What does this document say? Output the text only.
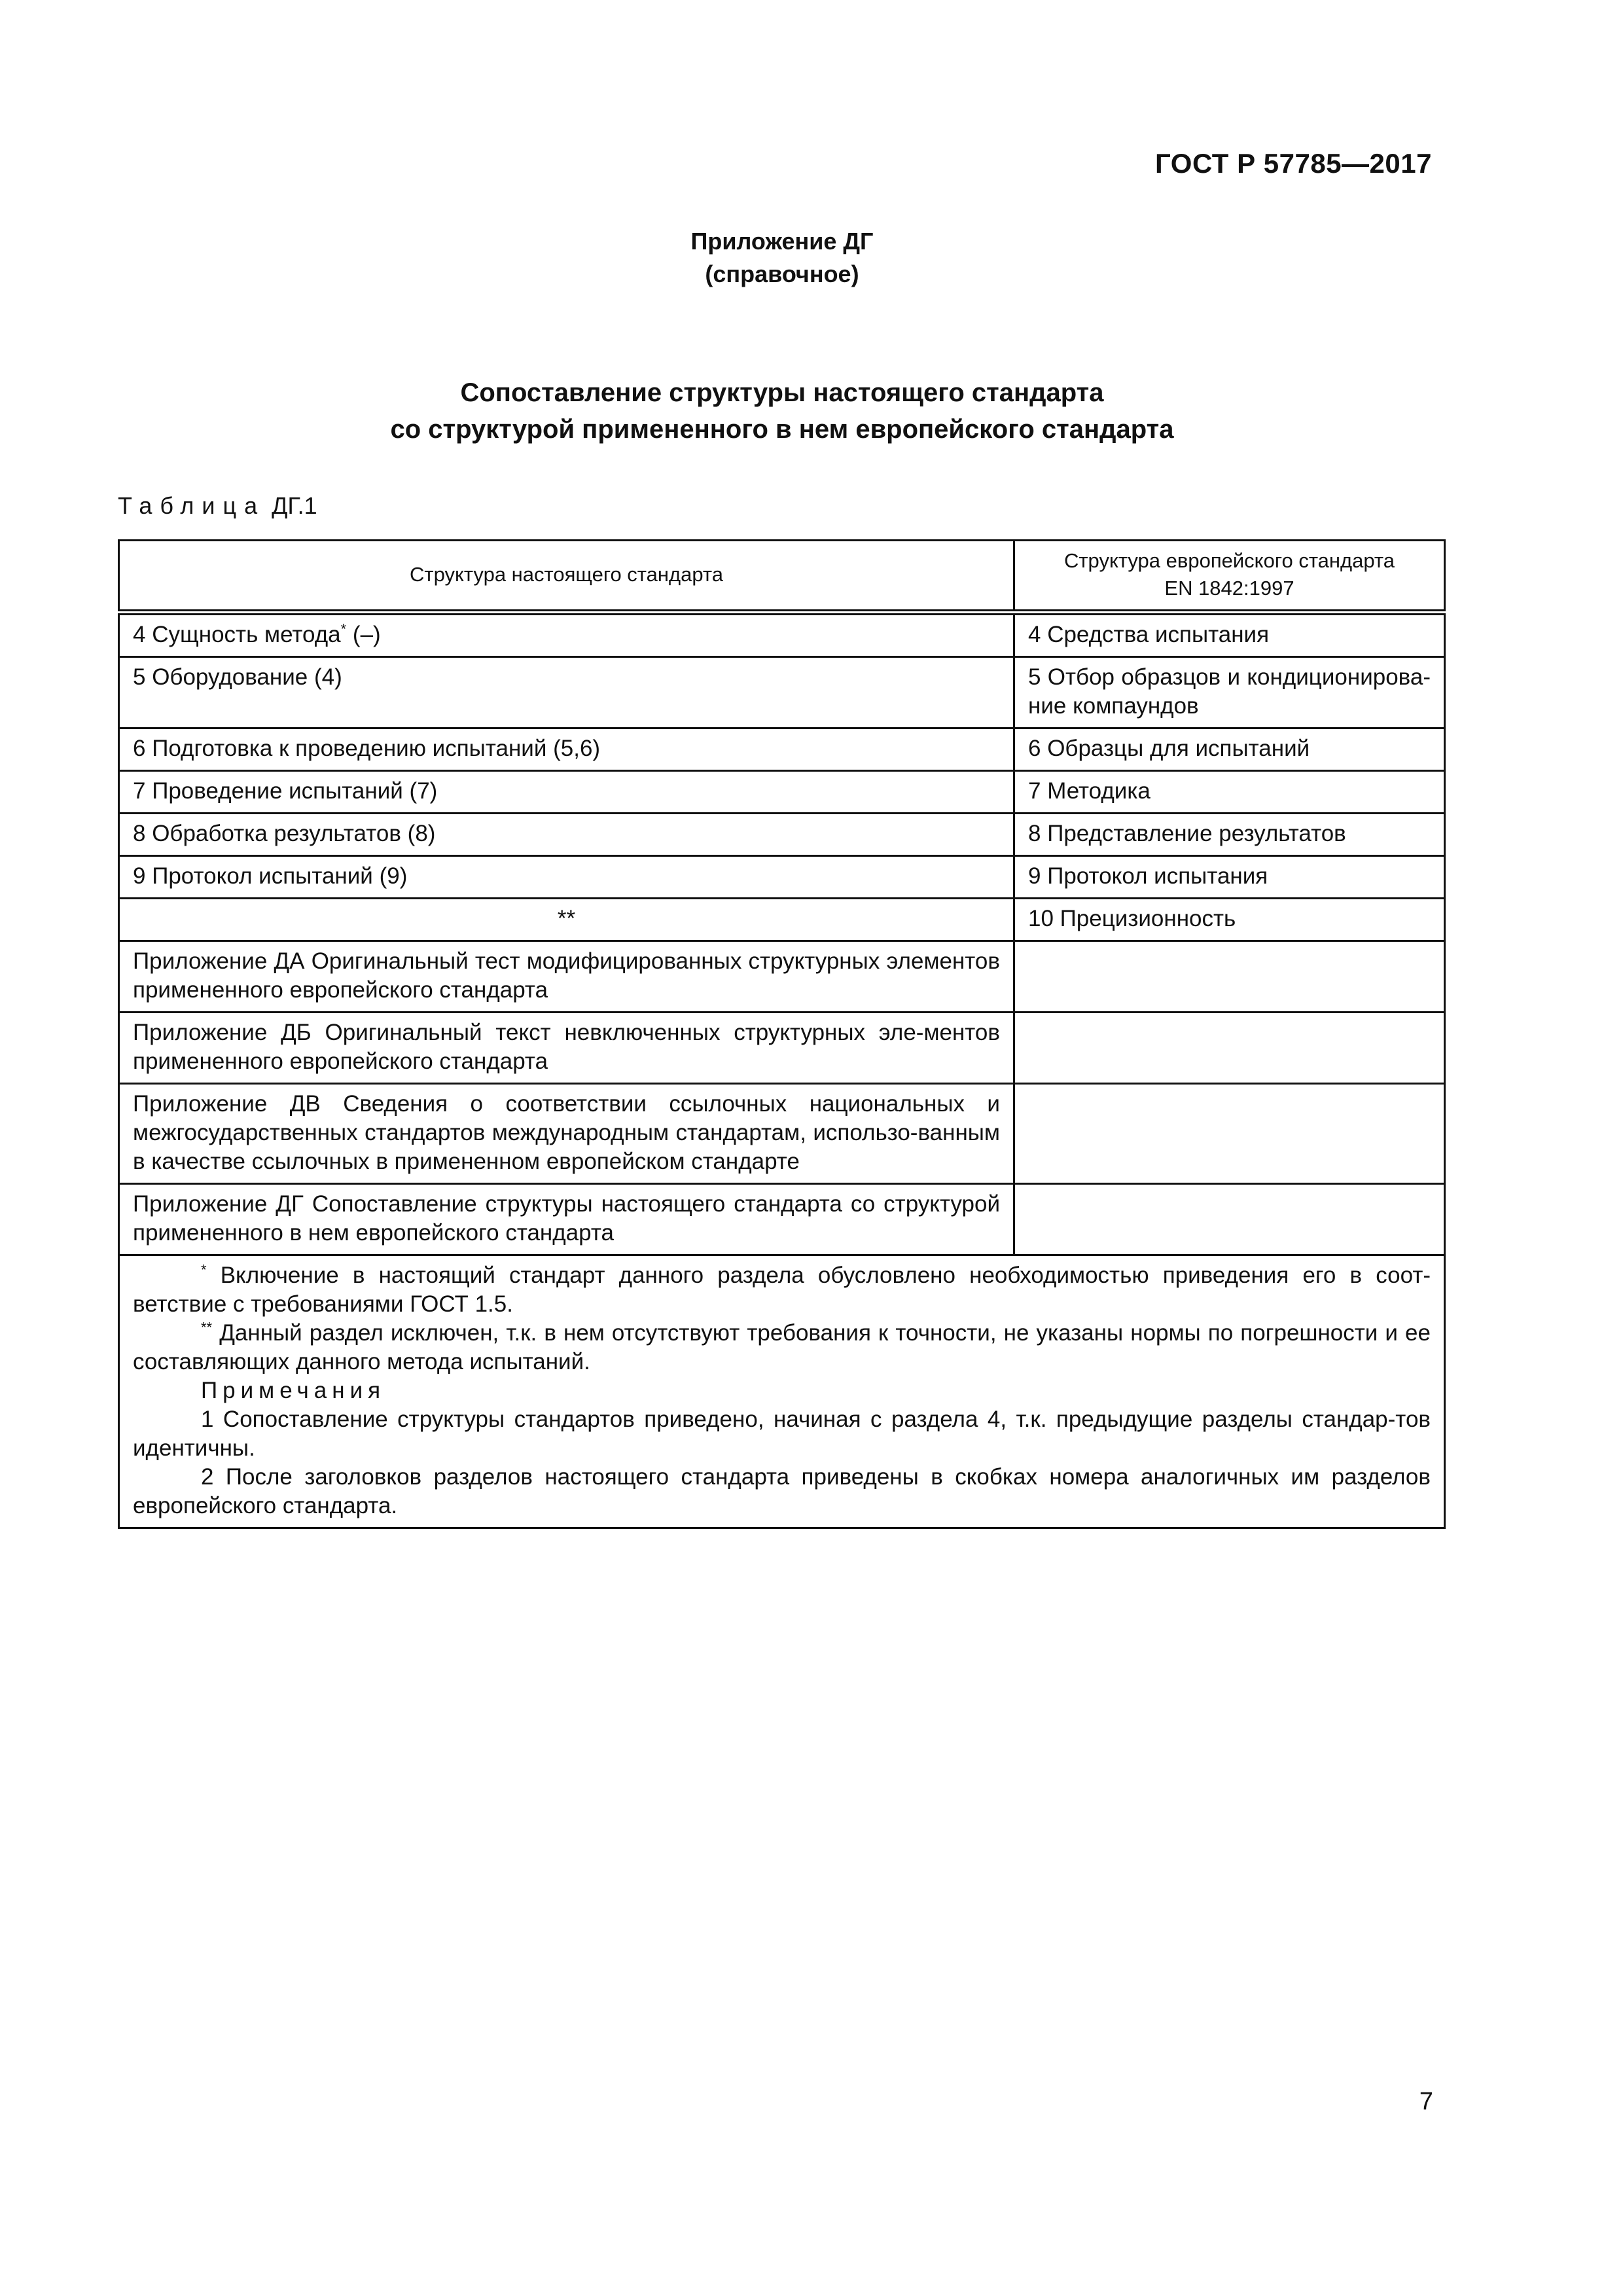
ГОСТ Р 57785—2017
Приложение ДГ
(справочное)
Сопоставление структуры настоящего стандарта
со структурой примененного в нем европейского стандарта
Таблица ДГ.1
Структура настоящего стандарта	Структура европейского стандарта
EN 1842:1997

4 Сущность метода* (–)	4 Средства испытания
5 Оборудование (4)	5 Отбор образцов и кондиционирова-ние компаундов
6 Подготовка к проведению испытаний (5,6)	6 Образцы для испытаний
7 Проведение испытаний (7)	7 Методика
8 Обработка результатов (8)	8 Представление результатов
9 Протокол испытаний (9)	9 Протокол испытания
**	10 Прецизионность
Приложение ДА Оригинальный тест модифицированных структурных элементов примененного европейского стандарта	
Приложение ДБ Оригинальный текст невключенных структурных эле-ментов примененного европейского стандарта	
Приложение ДВ Сведения о соответствии ссылочных национальных и межгосударственных стандартов международным стандартам, использо-ванным в качестве ссылочных в примененном европейском стандарте	
Приложение ДГ Сопоставление структуры настоящего стандарта со структурой примененного в нем европейского стандарта	

* Включение в настоящий стандарт данного раздела обусловлено необходимостью приведения его в соот-ветствие с требованиями ГОСТ 1.5.

** Данный раздел исключен, т.к. в нем отсутствуют требования к точности, не указаны нормы по погрешности и ее составляющих данного метода испытаний.

Примечания

1 Сопоставление структуры стандартов приведено, начиная с раздела 4, т.к. предыдущие разделы стандар-тов идентичны.

2 После заголовков разделов настоящего стандарта приведены в скобках номера аналогичных им разделов европейского стандарта.	

7
